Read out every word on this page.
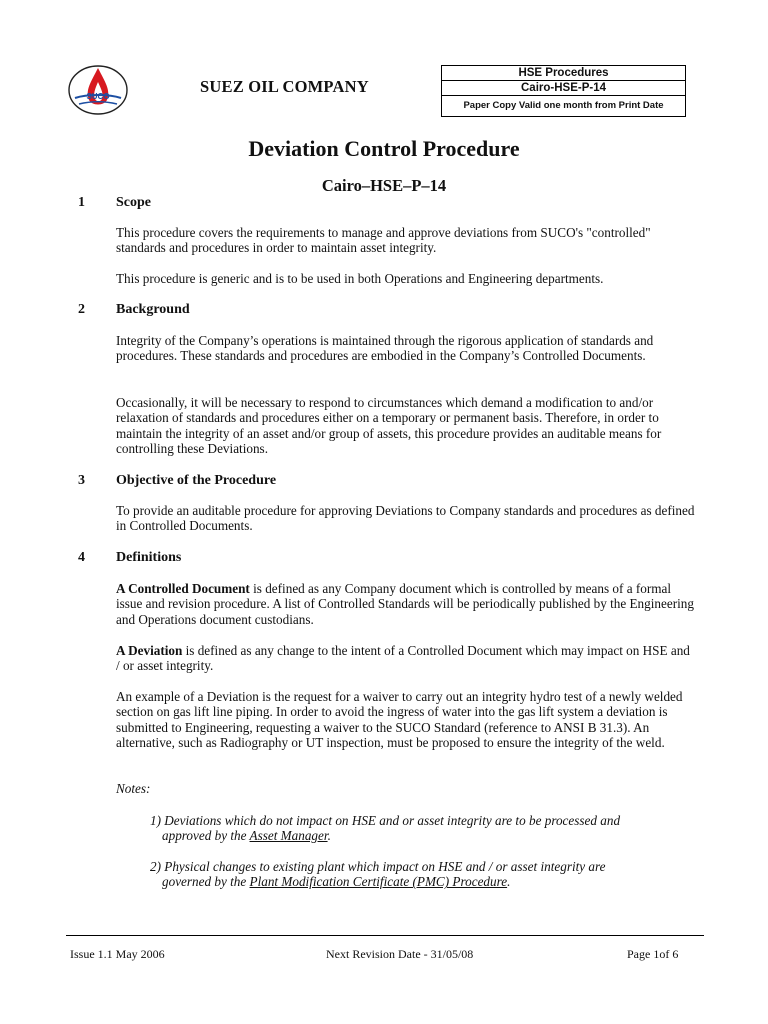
SUCO
SUEZ OIL COMPANY
HSE Procedures
Cairo-HSE-P-14
Paper Copy Valid one month from Print Date
Deviation Control Procedure
Cairo–HSE–P–14
1 Scope
This procedure covers the requirements to manage and approve deviations from SUCO's "controlled" standards and procedures in order to maintain asset integrity.
This procedure is generic and is to be used in both Operations and Engineering departments.
2 Background
Integrity of the Company’s operations is maintained through the rigorous application of standards and procedures. These standards and procedures are embodied in the Company’s Controlled Documents.
Occasionally, it will be necessary to respond to circumstances which demand a modification to and/or relaxation of standards and procedures either on a temporary or permanent basis. Therefore, in order to maintain the integrity of an asset and/or group of assets, this procedure provides an auditable means for controlling these Deviations.
3 Objective of the Procedure
To provide an auditable procedure for approving Deviations to Company standards and procedures as defined in Controlled Documents.
4 Definitions
A Controlled Document is defined as any Company document which is controlled by means of a formal issue and revision procedure. A list of Controlled Standards will be periodically published by the Engineering and Operations document custodians.
A Deviation is defined as any change to the intent of a Controlled Document which may impact on HSE and / or asset integrity.
An example of a Deviation is the request for a waiver to carry out an integrity hydro test of a newly welded section on gas lift line piping. In order to avoid the ingress of water into the gas lift system a deviation is submitted to Engineering, requesting a waiver to the SUCO Standard (reference to ANSI B 31.3). An alternative, such as Radiography or UT inspection, must be proposed to ensure the integrity of the weld.
Notes:
1) Deviations which do not impact on HSE and or asset integrity are to be processed and
approved by the Asset Manager.
2) Physical changes to existing plant which impact on HSE and / or asset integrity are
governed by the Plant Modification Certificate (PMC) Procedure.
Issue 1.1 May 2006	Next Revision Date - 31/05/08	Page 1of 6
